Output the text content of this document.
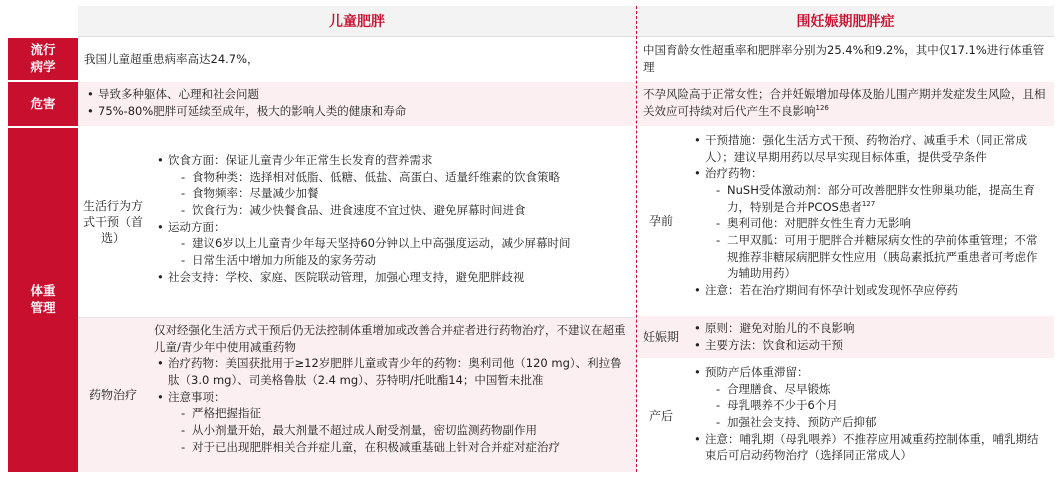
儿童肥胖	围妊娠期肥胖症
流行病学
危害
体重管理
我国儿童超重患病率高达24.7%，
• 导致多种躯体、心理和社会问题
• 75%-80%肥胖可延续至成年，极大的影响人类的健康和寿命
生活行为方式干预（首选）
• 饮食方面：保证儿童青少年正常生长发育的营养需求
- 食物种类：选择相对低脂、低糖、低盐、高蛋白、适量纤维素的饮食策略
- 食物频率：尽量减少加餐
- 饮食行为：减少快餐食品、进食速度不宜过快、避免屏幕时间进食
• 运动方面：
- 建议6岁以上儿童青少年每天坚持60分钟以上中高强度运动，减少屏幕时间
- 日常生活中增加力所能及的家务劳动
• 社会支持：学校、家庭、医院联动管理，加强心理支持，避免肥胖歧视
药物治疗
仅对经强化生活方式干预后仍无法控制体重增加或改善合并症者进行药物治疗，不建议在超重儿童/青少年中使用减重药物
• 治疗药物：美国获批用于≥12岁肥胖儿童或青少年的药物：奥利司他（120 mg）、利拉鲁肽（3.0 mg）、司美格鲁肽（2.4 mg）、芬特明/托吡酯14；中国暂未批准
• 注意事项：
- 严格把握指征
- 从小剂量开始，最大剂量不超过成人耐受剂量，密切监测药物副作用
- 对于已出现肥胖相关合并症儿童，在积极减重基础上针对合并症对症治疗
中国育龄女性超重率和肥胖率分别为25.4%和9.2%，其中仅17.1%进行体重管理
不孕风险高于正常女性；合并妊娠增加母体及胎儿围产期并发症发生风险，且相关效应可持续对后代产生不良影响$^{126}$
孕前
• 干预措施：强化生活方式干预、药物治疗、减重手术（同正常成人）；建议早期用药以尽早实现目标体重，提供受孕条件
• 治疗药物：
- NuSH受体激动剂：部分可改善肥胖女性卵巢功能，提高生育力，特别是合并PCOS患者$^{127}$
- 奥利司他：对肥胖女性生育力无影响
- 二甲双胍：可用于肥胖合并糖尿病女性的孕前体重管理；不常规推荐非糖尿病肥胖女性应用（胰岛素抵抗严重患者可考虑作为辅助用药）
• 注意：若在治疗期间有怀孕计划或发现怀孕应停药
妊娠期
• 原则：避免对胎儿的不良影响
• 主要方法：饮食和运动干预
产后
• 预防产后体重滞留：
- 合理膳食、尽早锻炼
- 母乳喂养不少于6个月
- 加强社会支持、预防产后抑郁
• 注意：哺乳期（母乳喂养）不推荐应用减重药控制体重，哺乳期结束后可启动药物治疗（选择同正常成人）
